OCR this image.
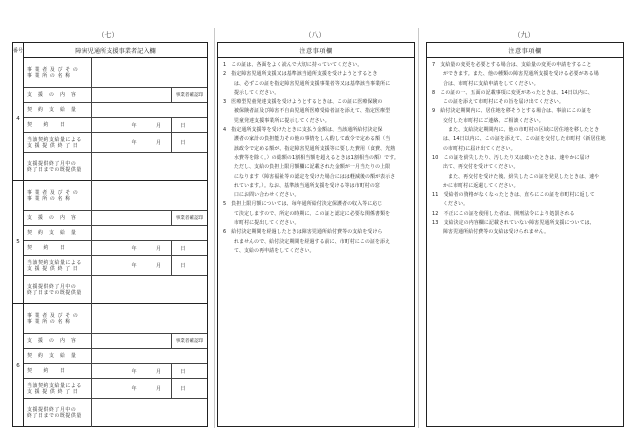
（七）
番号	障害児通所支援事業者記入欄
4
事 業 者 及 び そ の
事 業 所 の 名 称
支　援　の　内　容	事業者確認印
契　約　支　給　量
契　　約　　日	年	月	日
当該契約支給量による
支 援 提 供 終 了 日	年	月	日
支援提供終了月中の
終了日までの既提供量
5
事 業 者 及 び そ の
事 業 所 の 名 称
支　援　の　内　容	事業者確認印
契　約　支　給　量
契　　約　　日	年	月	日
当該契約支給量による
支 援 提 供 終 了 日	年	月	日
支援提供終了月中の
終了日までの既提供量
6
事 業 者 及 び そ の
事 業 所 の 名 称
支　援　の　内　容	事業者確認印
契　約　支　給　量
契　　約　　日	年	月	日
当該契約支給量による
支 援 提 供 終 了 日	年	月	日
支援提供終了月中の
終了日までの既提供量
（八）
注意事項欄

1　この証は、各面をよく読んで大切に持っていてください。

2　指定障害児通所支援又は基準該当通所支援を受けようとするとき

は、必ずこの証を指定障害児通所支援事業者等又は基準該当事業所に

提示してください。

3　医療型児童発達支援を受けようとするときは、この証に医療保険の

被保険者証及び障害不自由児通所医療受給者証を添えて、指定医療型

児童発達支援事業所に提示してください。

4　指定通所支援等を受けたときに支払う金額は、当該通所給付決定保

護者の家計の負担能力その他の事情をしん酌して政令で定める額（当

該政令で定める額が、指定障害児通所支援等に要した費用（食費、光熱

水費等を除く。）の総額の1割相当額を超えるときは1割相当の額）です。

ただし、支給の負担上限月額欄に記載された金額が一月当たりの上限

になります（障害福祉等の認定を受けた場合にはは軽減後の額が表示さ

れています。）。なお、基準該当通所支援を受ける等は市町村の窓

口にお問い合わせください。

5　負担上限月額については、毎年通所給付決定保護者の収入等に応じ

て決定しますので、所定の時期に、この証と認定に必要な関係書類を

市町村に提出してください。

6　給付決定期間を経過したときは障害児通所給付費等の支給を受けら

れませんので、給付決定期間を経過する前に、市町村にこの証を添え

て、支給の再申請をしてください。

（九）
注意事項欄

7　支給量の変更を必要とする場合は、支給量の変更の申請をすること

ができます。また、他の種類の障害児通所支援を受ける必要がある場

合は、市町村に支給申請をしてください。

8　この証の一、五面の記載事項に変更があったときは、14日以内に、

この証を添えて市町村にその旨を届け出てください。

9　給付決定期間内に、居住地を移そうとする場合は、事前にこの証を

交付した市町村にご連絡、ご相談ください。

　また、支給決定期間内に、他の市町村の区域に居住地を移したとき

は、14日以内に、この証を添えて、この証を交付した市町村（新居住地

の市町村)に届け出てください。

10　この証を紛失したり、汚したり又は破いたときは、速やかに届け

出て、再交付を受けてください。

　また、再交付を受けた後、紛失したこの証を発見したときは、速や

かに市町村に返還してください。

11　受給者の資格がなくなったときは、直ちにこの証を市町村に返して

ください。

12　不正にこの証を使用した者は、開刑法令により処罰される

13　支給決定の内容欄に記載されていない障害児通所支援については、

障害児通所給付費等の支給は受けられません。
